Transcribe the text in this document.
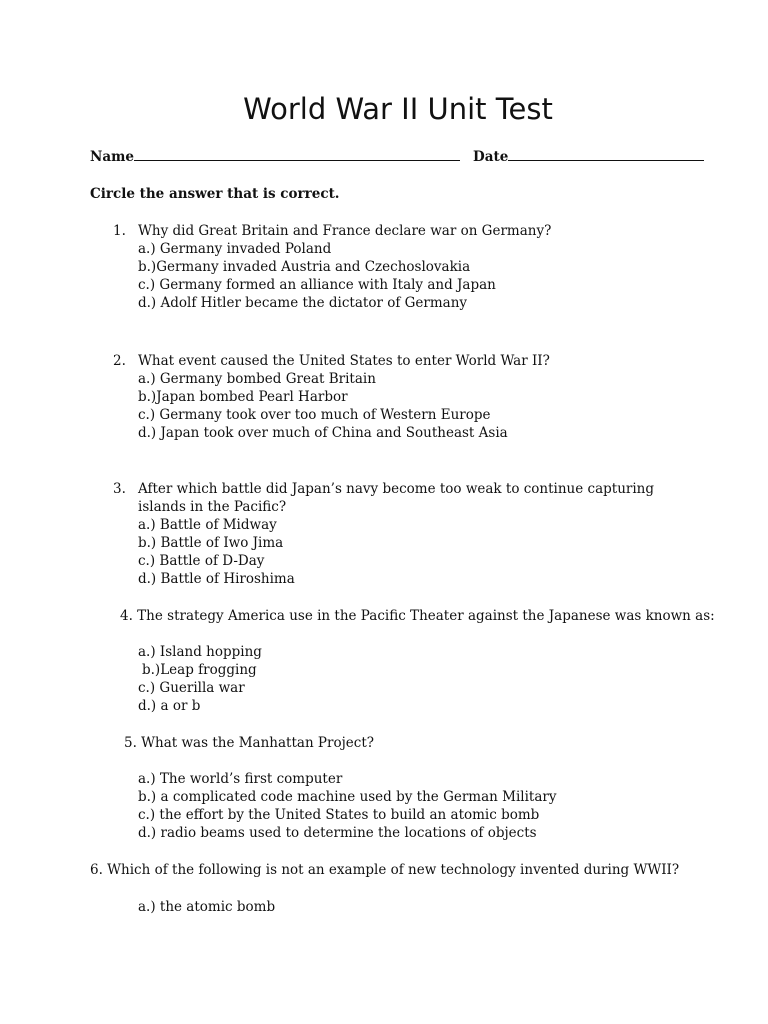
World War II Unit Test
Name	Date
Circle the answer that is correct.
1. Why did Great Britain and France declare war on Germany?
a.) Germany invaded Poland
b.)Germany invaded Austria and Czechoslovakia
c.) Germany formed an alliance with Italy and Japan
d.) Adolf Hitler became the dictator of Germany
2. What event caused the United States to enter World War II?
a.) Germany bombed Great Britain
b.)Japan bombed Pearl Harbor
c.) Germany took over too much of Western Europe
d.) Japan took over much of China and Southeast Asia
3. After which battle did Japan’s navy become too weak to continue capturing islands in the Pacific?
a.) Battle of Midway
b.) Battle of Iwo Jima
c.) Battle of D-Day
d.) Battle of Hiroshima
4. The strategy America use in the Pacific Theater against the Japanese was known as:
a.) Island hopping
b.)Leap frogging
c.) Guerilla war
d.) a or b
5. What was the Manhattan Project?
a.) The world’s first computer
b.) a complicated code machine used by the German Military
c.) the effort by the United States to build an atomic bomb
d.) radio beams used to determine the locations of objects
6. Which of the following is not an example of new technology invented during WWII?
a.) the atomic bomb
